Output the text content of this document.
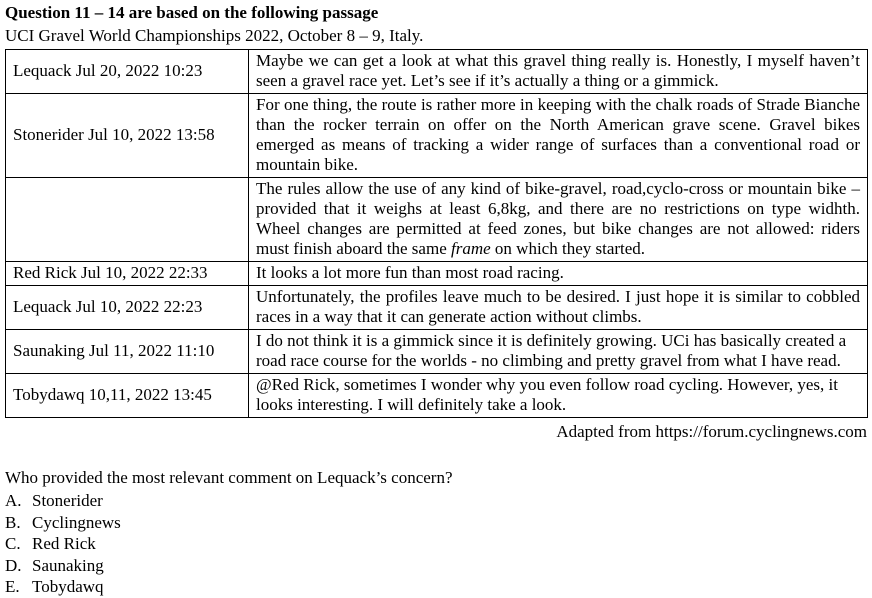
Question 11 – 14 are based on the following passage
UCI Gravel World Championships 2022, October 8 – 9, Italy.
Lequack Jul 20, 2022 10:23	Maybe we can get a look at what this gravel thing really is. Honestly, I myself haven’t seen a gravel race yet. Let’s see if it’s actually a thing or a gimmick.
Stonerider Jul 10, 2022 13:58	For one thing, the route is rather more in keeping with the chalk roads of Strade Bianche than the rocker terrain on offer on the North American grave scene. Gravel bikes emerged as means of tracking a wider range of surfaces than a conventional road or mountain bike.
	The rules allow the use of any kind of bike-gravel, road,cyclo-cross or mountain bike – provided that it weighs at least 6,8kg, and there are no restrictions on type widhth. Wheel changes are permitted at feed zones, but bike changes are not allowed: riders must finish aboard the same frame on which they started.
Red Rick Jul 10, 2022 22:33	It looks a lot more fun than most road racing.
Lequack Jul 10, 2022 22:23	Unfortunately, the profiles leave much to be desired. I just hope it is similar to cobbled races in a way that it can generate action without climbs.
Saunaking Jul 11, 2022 11:10	I do not think it is a gimmick since it is definitely growing. UCi has basically created a road race course for the worlds - no climbing and pretty gravel from what I have read.
Tobydawq 10,11, 2022 13:45	@Red Rick, sometimes I wonder why you even follow road cycling. However, yes, it looks interesting. I will definitely take a look.
Adapted from https://forum.cyclingnews.com
Who provided the most relevant comment on Lequack’s concern?
A. Stonerider
B. Cyclingnews
C. Red Rick
D. Saunaking
E. Tobydawq
